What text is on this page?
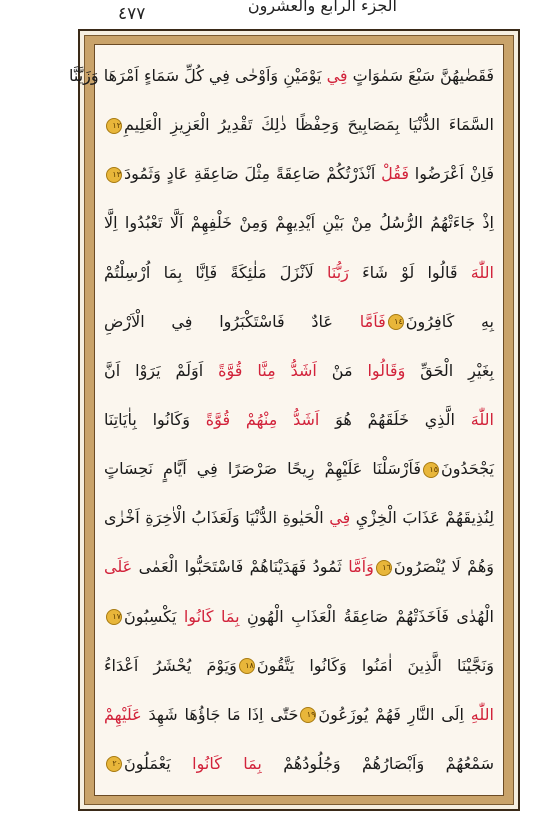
٤٧٧	الجزء الرابع والعشرون
فَقَضٰيهُنَّ سَبْعَ سَمٰوَاتٍ فِي يَوْمَيْنِ وَاَوْحٰى فِي كُلِّ سَمَاءٍ اَمْرَهَا وَزَيَّنَّا
السَّمَاءَ الدُّنْيَا بِمَصَابِيحَ وَحِفْظًا ذٰلِكَ تَقْدِيرُ الْعَزِيزِ الْعَلِيمِ١٢
فَاِنْ اَعْرَضُوا فَقُلْ اَنْذَرْتُكُمْ صَاعِقَةً مِثْلَ صَاعِقَةِ عَادٍ وَثَمُودَ١٣
اِذْ جَاءَتْهُمُ الرُّسُلُ مِنْ بَيْنِ اَيْدِيهِمْ وَمِنْ خَلْفِهِمْ اَلَّا تَعْبُدُوا اِلَّا
اللّٰهَ قَالُوا لَوْ شَاءَ رَبُّنَا لَاَنْزَلَ مَلٰئِكَةً فَاِنَّا بِمَا اُرْسِلْتُمْ
بِهِ كَافِرُونَ١٤فَاَمَّا عَادٌ فَاسْتَكْبَرُوا فِي الْاَرْضِ
بِغَيْرِ الْحَقِّ وَقَالُوا مَنْ اَشَدُّ مِنَّا قُوَّةً اَوَلَمْ يَرَوْا اَنَّ
اللّٰهَ الَّذِي خَلَقَهُمْ هُوَ اَشَدُّ مِنْهُمْ قُوَّةً وَكَانُوا بِاٰيَاتِنَا
يَجْحَدُونَ١٥فَاَرْسَلْنَا عَلَيْهِمْ رِيحًا صَرْصَرًا فِي اَيَّامٍ نَحِسَاتٍ
لِنُذِيقَهُمْ عَذَابَ الْخِزْيِ فِي الْحَيٰوةِ الدُّنْيَا وَلَعَذَابُ الْاٰخِرَةِ اَخْزٰى
وَهُمْ لَا يُنْصَرُونَ١٦وَاَمَّا ثَمُودُ فَهَدَيْنَاهُمْ فَاسْتَحَبُّوا الْعَمٰى عَلَى
الْهُدٰى فَاَخَذَتْهُمْ صَاعِقَةُ الْعَذَابِ الْهُونِ بِمَا كَانُوا يَكْسِبُونَ١٧
وَنَجَّيْنَا الَّذِينَ اٰمَنُوا وَكَانُوا يَتَّقُونَ١٨وَيَوْمَ يُحْشَرُ اَعْدَاءُ
اللّٰهِ اِلَى النَّارِ فَهُمْ يُوزَعُونَ١٩حَتّٰى اِذَا مَا جَاؤُهَا شَهِدَ عَلَيْهِمْ
سَمْعُهُمْ وَاَبْصَارُهُمْ وَجُلُودُهُمْ بِمَا كَانُوا يَعْمَلُونَ٢٠
